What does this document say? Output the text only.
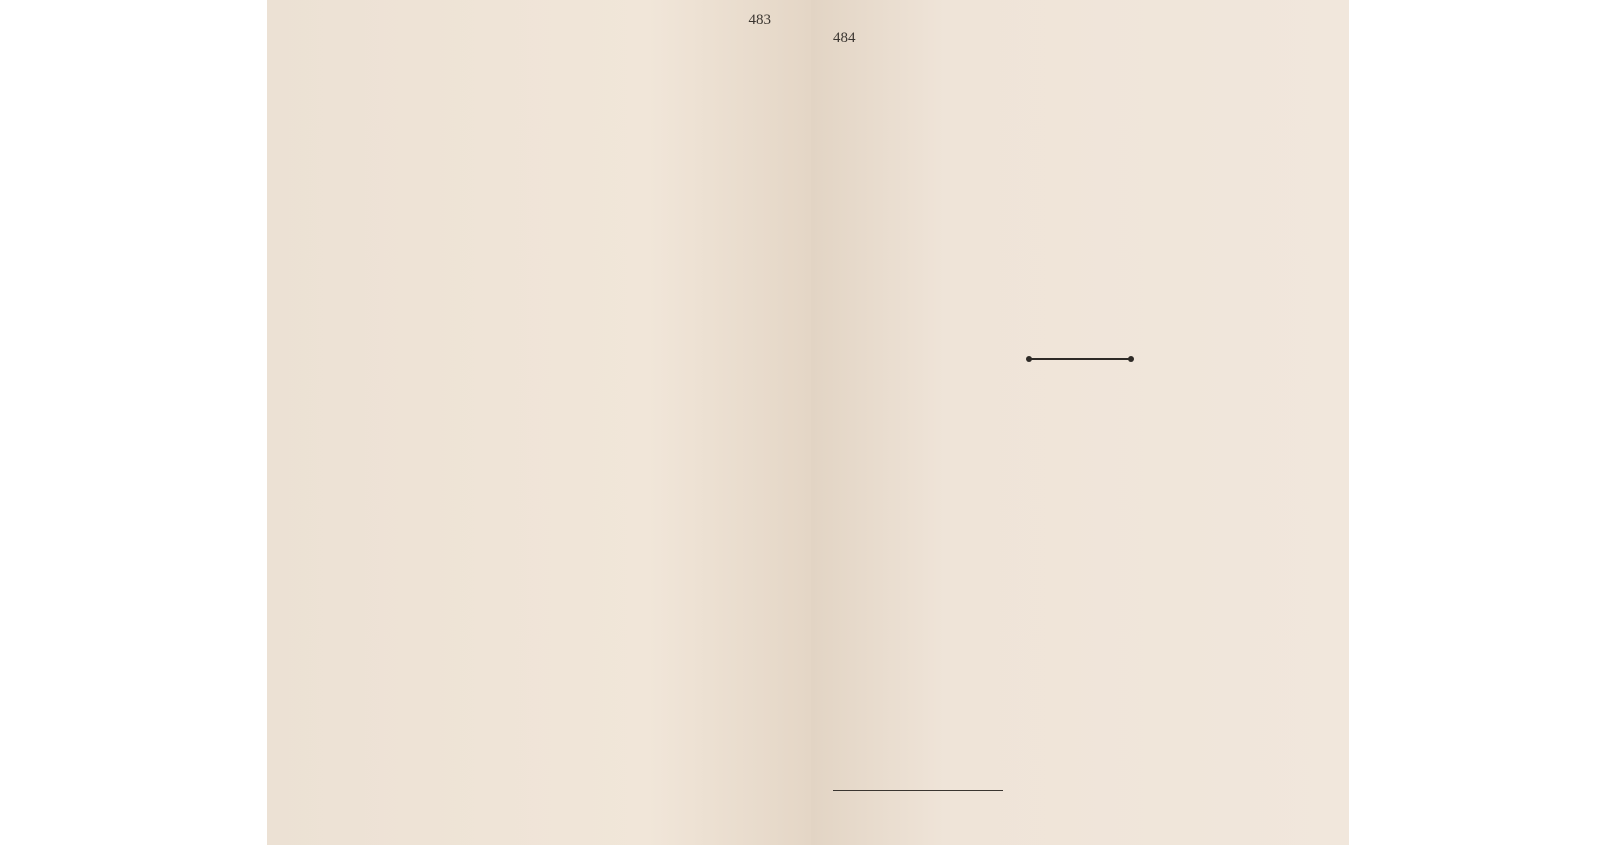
483
484
